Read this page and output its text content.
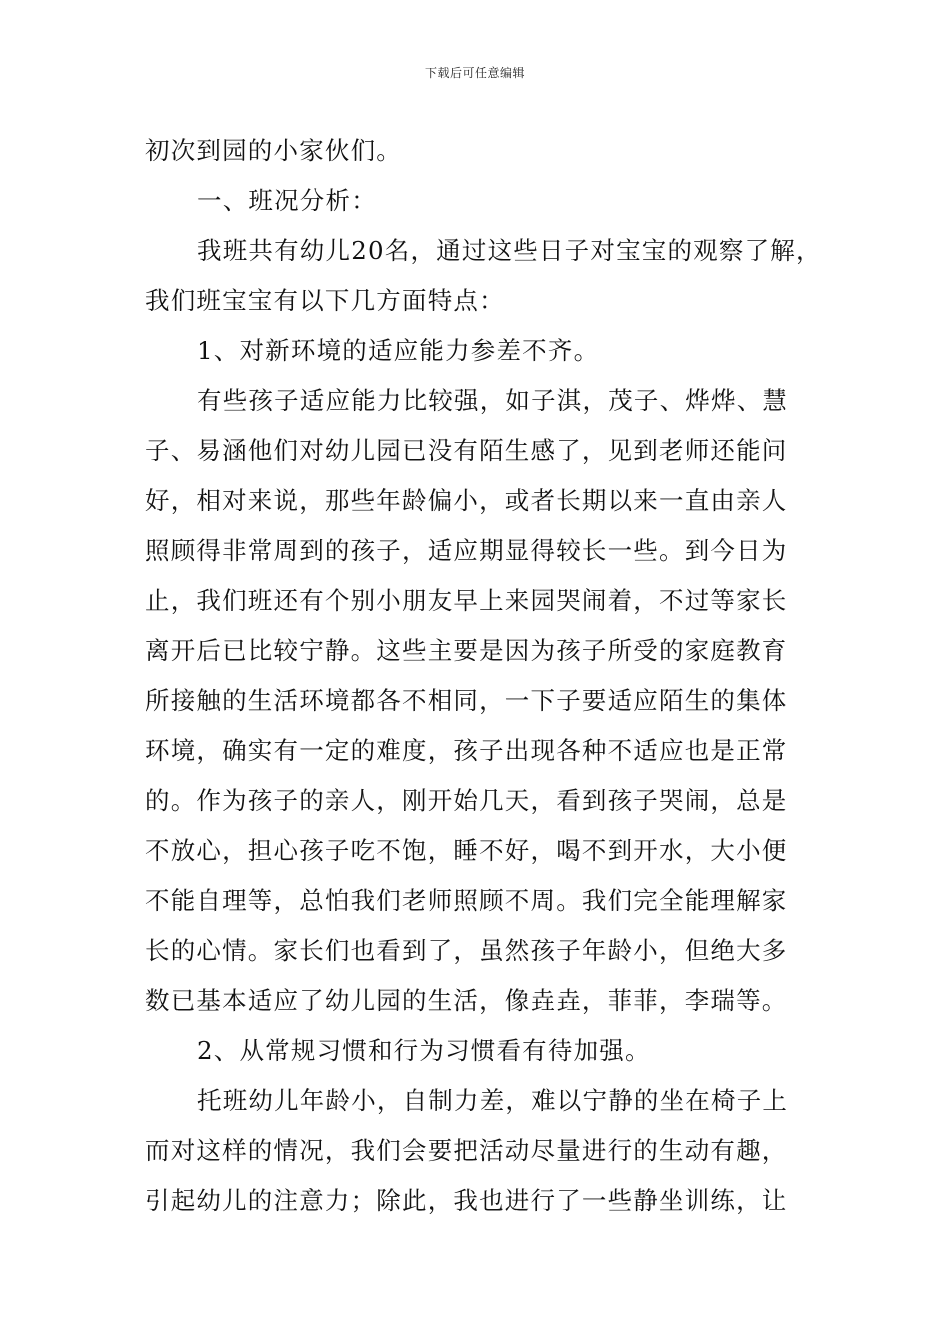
下载后可任意编辑
初次到园的小家伙们。
一、班况分析：
我班共有幼儿20名，通过这些日子对宝宝的观察了解，
我们班宝宝有以下几方面特点：
1、对新环境的适应能力参差不齐。
有些孩子适应能力比较强，如子淇，茂子、烨烨、慧
子、易涵他们对幼儿园已没有陌生感了，见到老师还能问
好，相对来说，那些年龄偏小，或者长期以来一直由亲人
照顾得非常周到的孩子，适应期显得较长一些。到今日为
止，我们班还有个别小朋友早上来园哭闹着，不过等家长
离开后已比较宁静。这些主要是因为孩子所受的家庭教育
所接触的生活环境都各不相同，一下子要适应陌生的集体
环境，确实有一定的难度，孩子出现各种不适应也是正常
的。作为孩子的亲人，刚开始几天，看到孩子哭闹，总是
不放心，担心孩子吃不饱，睡不好，喝不到开水，大小便
不能自理等，总怕我们老师照顾不周。我们完全能理解家
长的心情。家长们也看到了，虽然孩子年龄小，但绝大多
数已基本适应了幼儿园的生活，像垚垚，菲菲，李瑞等。
2、从常规习惯和行为习惯看有待加强。
托班幼儿年龄小，自制力差，难以宁静的坐在椅子上
而对这样的情况，我们会要把活动尽量进行的生动有趣，
引起幼儿的注意力；除此，我也进行了一些静坐训练，让
